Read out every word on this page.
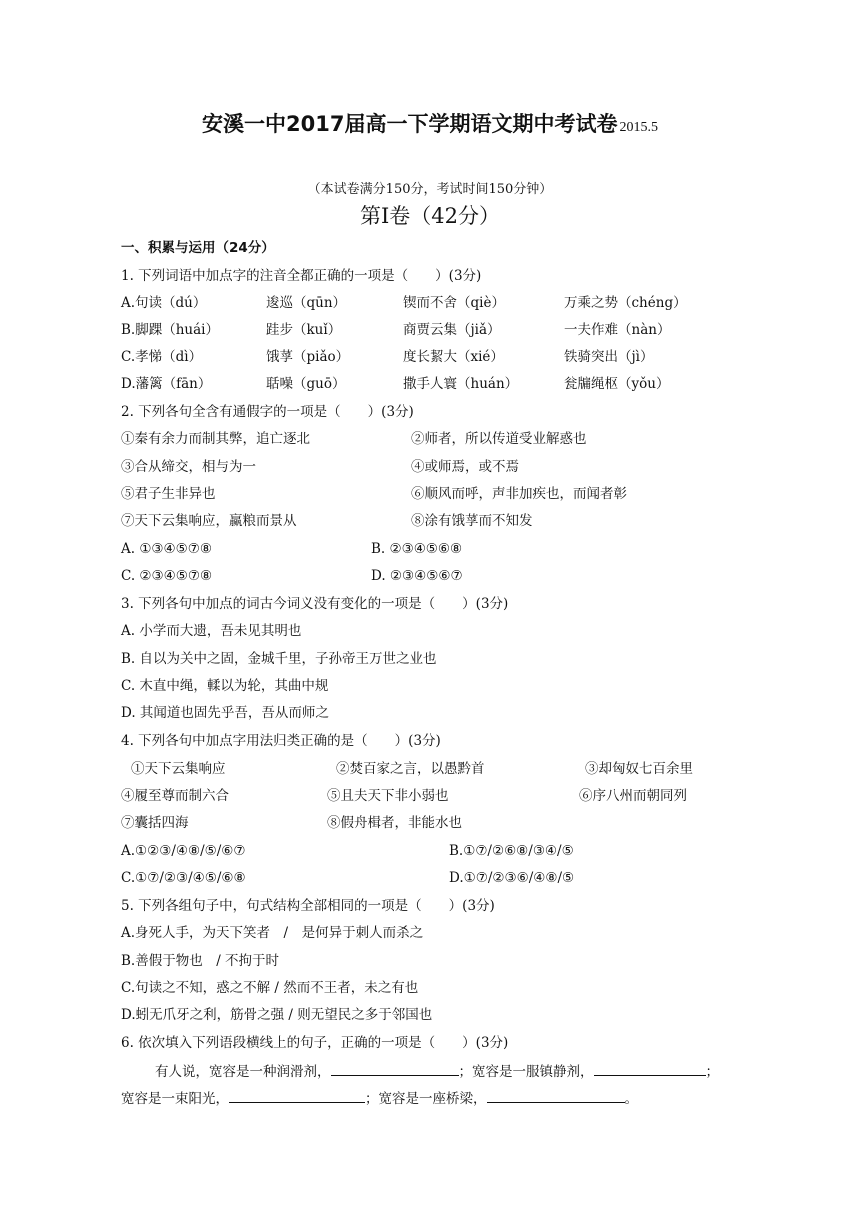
安溪一中2017届高一下学期语文期中考试卷 2015.5
（本试卷满分150分，考试时间150分钟）
第Ⅰ卷（42分）
一、积累与运用（24分）
1. 下列词语中加点字的注音全都正确的一项是（　　）(3分)
A.句读（dú）	逡巡（qūn）	锲而不舍（qiè）	万乘之势（chéng）
B.脚踝（huái）	跬步（kuǐ）	商贾云集（jiǎ）	一夫作难（nàn）
C.孝悌（dì）	饿莩（piǎo）	度长絜大（xié）	铁骑突出（jì）
D.藩篱（fān）	聒噪（guō）	撒手人寰（huán）	瓮牖绳枢（yǒu）
2. 下列各句全含有通假字的一项是（　　）(3分)
①秦有余力而制其弊，追亡逐北	②师者，所以传道受业解惑也
③合从缔交，相与为一	④或师焉，或不焉
⑤君子生非异也	⑥顺风而呼，声非加疾也，而闻者彰
⑦天下云集响应，赢粮而景从	⑧涂有饿莩而不知发
A. ①③④⑤⑦⑧	B. ②③④⑤⑥⑧
C. ②③④⑤⑦⑧	D. ②③④⑤⑥⑦
3. 下列各句中加点的词古今词义没有变化的一项是（　　）(3分)
A. 小学而大遗，吾未见其明也
B. 自以为关中之固，金城千里，子孙帝王万世之业也
C. 木直中绳，輮以为轮，其曲中规
D. 其闻道也固先乎吾，吾从而师之
4. 下列各句中加点字用法归类正确的是（　　）(3分)
①天下云集响应	②焚百家之言，以愚黔首	③却匈奴七百余里
④履至尊而制六合	⑤且夫天下非小弱也	⑥序八州而朝同列
⑦囊括四海	⑧假舟楫者，非能水也
A.①②③/④⑧/⑤/⑥⑦	B.①⑦/②⑥⑧/③④/⑤
C.①⑦/②③/④⑤/⑥⑧	D.①⑦/②③⑥/④⑧/⑤
5. 下列各组句子中，句式结构全部相同的一项是（　　）(3分)
A.身死人手，为天下笑者　/　是何异于刺人而杀之
B.善假于物也　/ 不拘于时
C.句读之不知，惑之不解 / 然而不王者，未之有也
D.蚓无爪牙之利，筋骨之强 / 则无望民之多于邻国也
6. 依次填入下列语段横线上的句子，正确的一项是（　　）(3分)
有人说，宽容是一种润滑剂，	；宽容是一服镇静剂，	；
宽容是一束阳光，	；宽容是一座桥梁，	。
